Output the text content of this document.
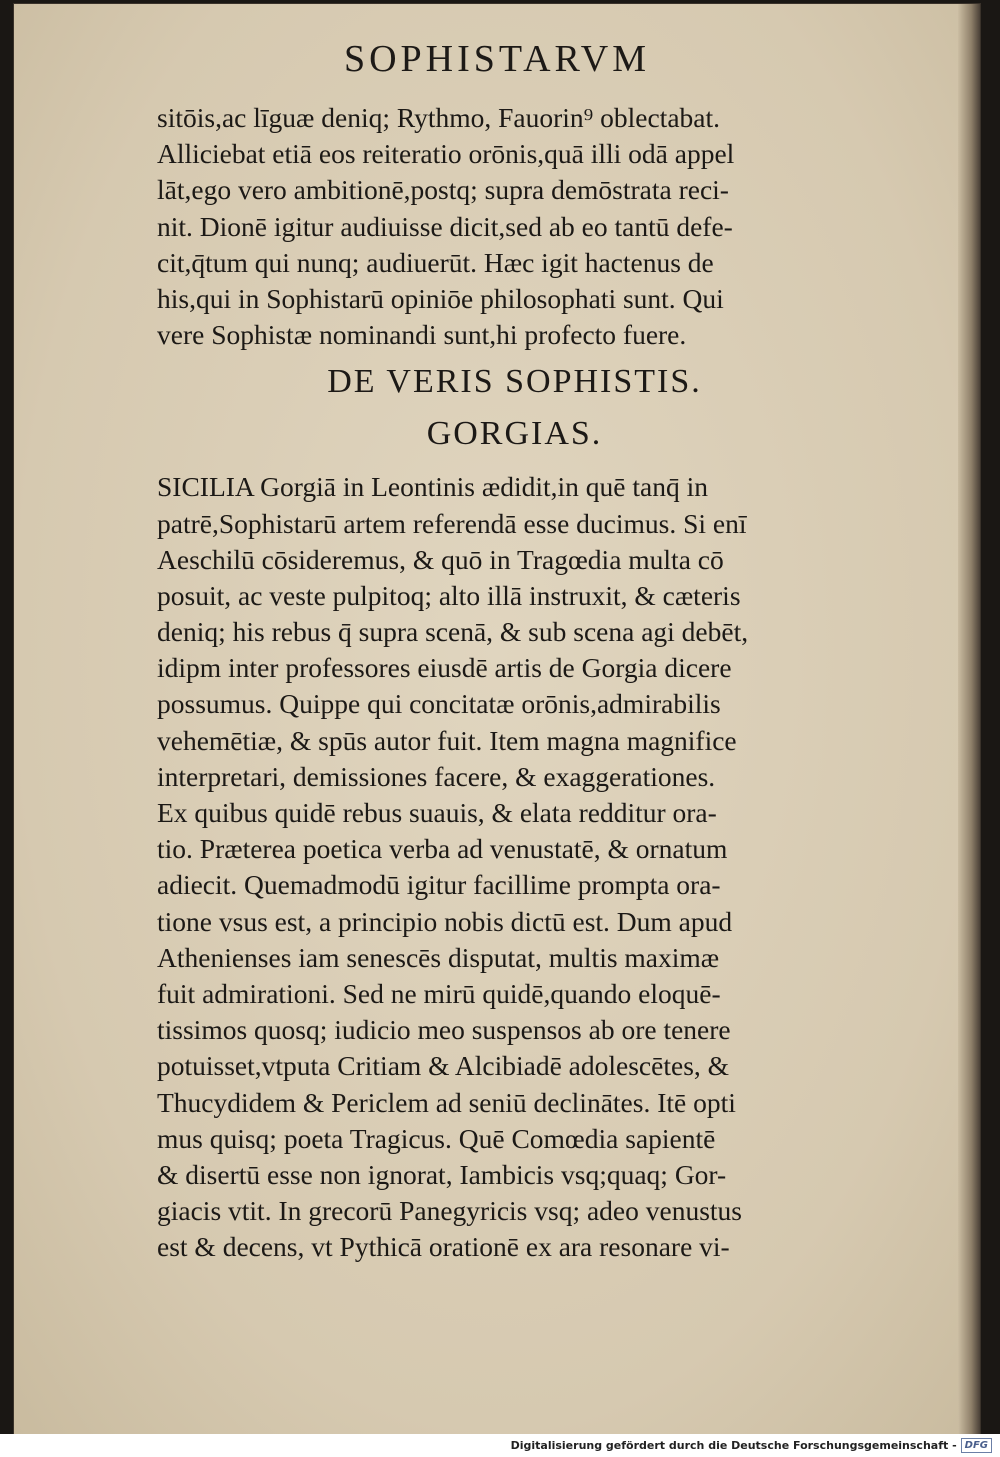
SOPHISTARVM
sitōis,ac līguæ deniq; Rythmo, Fauorin⁹ oblectabat.
Alliciebat etiā eos reiteratio orōnis,quā illi odā appel
lāt,ego vero ambitionē,postq; supra demōstrata reci-
nit. Dionē igitur audiuisse dicit,sed ab eo tantū defe-
cit,q̄tum qui nunq; audiuerūt. Hæc igit hactenus de
his,qui in Sophistarū opiniōe philosophati sunt. Qui
vere Sophistæ nominandi sunt,hi profecto fuere.
DE VERIS SOPHISTIS.
GORGIAS.
SICILIA Gorgiā in Leontinis ædidit,in quē tanq̄ in
patrē,Sophistarū artem referendā esse ducimus. Si enī
Aeschilū cōsideremus, & quō in Tragœdia multa cō
posuit, ac veste pulpitoq; alto illā instruxit, & cæteris
deniq; his rebus q̄ supra scenā, & sub scena agi debēt,
idipm inter professores eiusdē artis de Gorgia dicere
possumus. Quippe qui concitatæ orōnis,admirabilis
vehemētiæ, & spūs autor fuit. Item magna magnifice
interpretari, demissiones facere, & exaggerationes.
Ex quibus quidē rebus suauis, & elata redditur ora-
tio. Præterea poetica verba ad venustatē, & ornatum
adiecit. Quemadmodū igitur facillime prompta ora-
tione vsus est, a principio nobis dictū est. Dum apud
Athenienses iam senescēs disputat, multis maximæ
fuit admirationi. Sed ne mirū quidē,quando eloquē-
tissimos quosq; iudicio meo suspensos ab ore tenere
potuisset,vtputa Critiam & Alcibiadē adolescētes, &
Thucydidem & Periclem ad seniū declinātes. Itē opti
mus quisq; poeta Tragicus. Quē Comœdia sapientē
& disertū esse non ignorat, Iambicis vsq;quaq; Gor-
giacis vtit. In grecorū Panegyricis vsq; adeo venustus
est & decens, vt Pythicā orationē ex ara resonare vi-
Digitalisierung gefördert durch die Deutsche Forschungsgemeinschaft - DFG
